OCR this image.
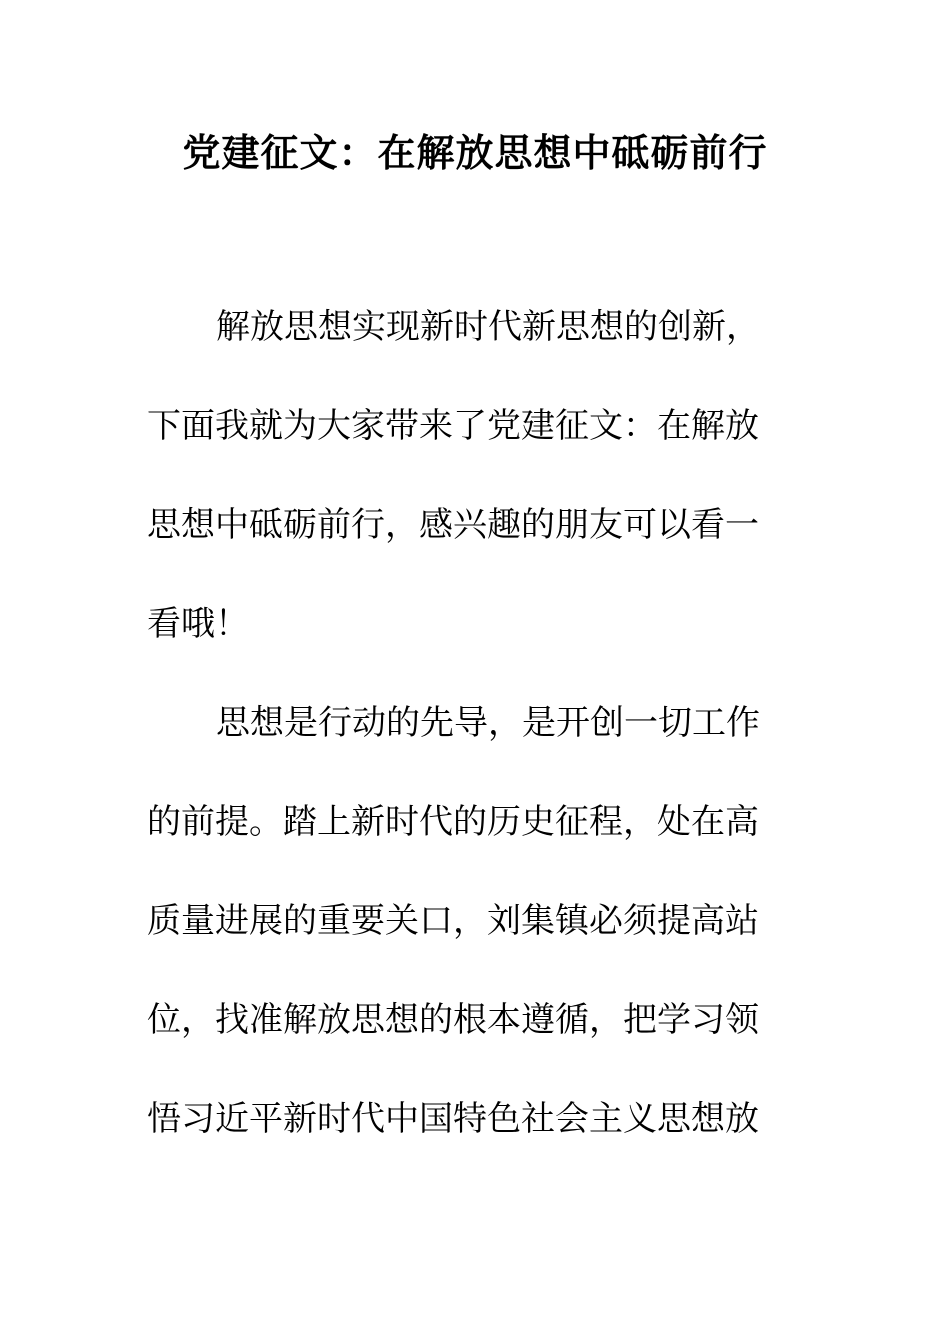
党建征文：在解放思想中砥砺前行
解放思想实现新时代新思想的创新，
下面我就为大家带来了党建征文：在解放
思想中砥砺前行，感兴趣的朋友可以看一
看哦！
思想是行动的先导，是开创一切工作
的前提。踏上新时代的历史征程，处在高
质量进展的重要关口，刘集镇必须提高站
位，找准解放思想的根本遵循，把学习领
悟习近平新时代中国特色社会主义思想放
